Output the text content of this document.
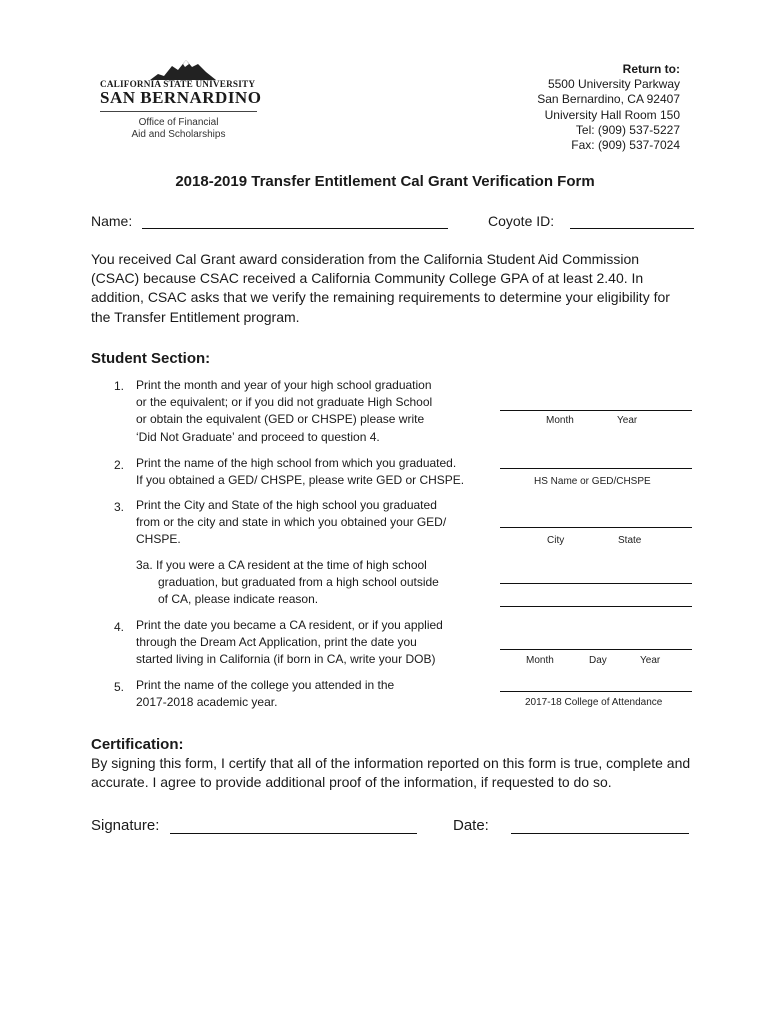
CALIFORNIA STATE UNIVERSITY
SAN BERNARDINO
Office of Financial
Aid and Scholarships
Return to:
5500 University Parkway
San Bernardino, CA 92407
University Hall Room 150
Tel: (909) 537-5227
Fax: (909) 537-7024
2018-2019 Transfer Entitlement Cal Grant Verification Form
Name:	Coyote ID:
You received Cal Grant award consideration from the California Student Aid Commission (CSAC) because CSAC received a California Community College GPA of at least 2.40. In addition, CSAC asks that we verify the remaining requirements to determine your eligibility for the Transfer Entitlement program.
Student Section:
1. Print the month and year of your high school graduation
or the equivalent; or if you did not graduate High School
or obtain the equivalent (GED or CHSPE) please write
‘Did Not Graduate’ and proceed to question 4.
Month	Year
2. Print the name of the high school from which you graduated.
If you obtained a GED/ CHSPE, please write GED or CHSPE.	HS Name or GED/CHSPE
3. Print the City and State of the high school you graduated
from or the city and state in which you obtained your GED/
CHSPE.	City	State
3a. If you were a CA resident at the time of high school
graduation, but graduated from a high school outside
of CA, please indicate reason.
4. Print the date you became a CA resident, or if you applied
through the Dream Act Application, print the date you
started living in California (if born in CA, write your DOB)	Month	Day	Year
5. Print the name of the college you attended in the
2017-2018 academic year.	2017-18 College of Attendance
Certification:
By signing this form, I certify that all of the information reported on this form is true, complete and accurate. I agree to provide additional proof of the information, if requested to do so.
Signature:	Date:
